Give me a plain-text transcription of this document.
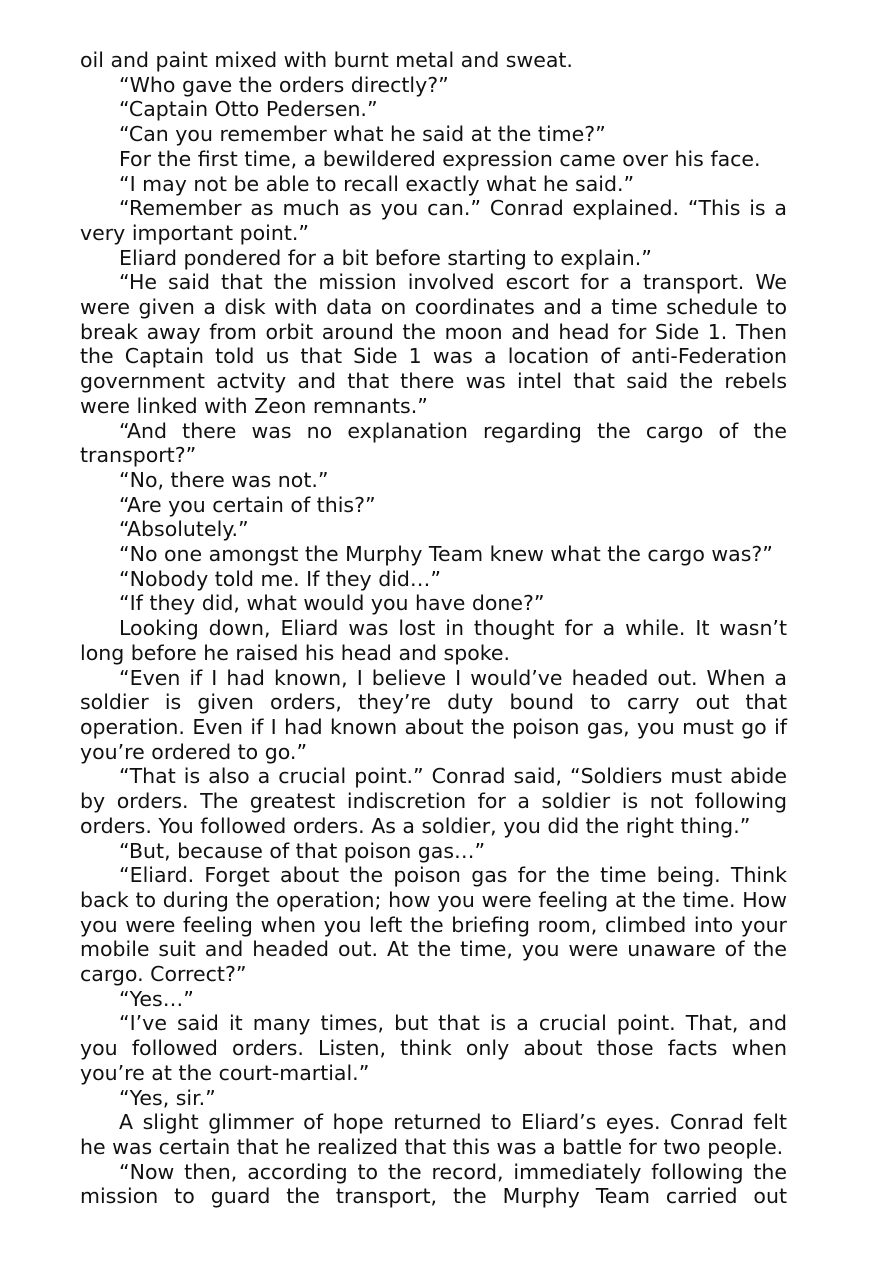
oil and paint mixed with burnt metal and sweat.

“Who gave the orders directly?”

“Captain Otto Pedersen.”

“Can you remember what he said at the time?”

For the first time, a bewildered expression came over his face.

“I may not be able to recall exactly what he said.”

“Remember as much as you can.” Conrad explained. “This is a very important point.”

Eliard pondered for a bit before starting to explain.”

“He said that the mission involved escort for a transport. We were given a disk with data on coordinates and a time schedule to break away from orbit around the moon and head for Side 1. Then the Captain told us that Side 1 was a location of anti-Federation government actvity and that there was intel that said the rebels were linked with Zeon remnants.”

“And there was no explanation regarding the cargo of the transport?”

“No, there was not.”

“Are you certain of this?”

“Absolutely.”

“No one amongst the Murphy Team knew what the cargo was?”

“Nobody told me. If they did…”

“If they did, what would you have done?”

Looking down, Eliard was lost in thought for a while. It wasn’t long before he raised his head and spoke.

“Even if I had known, I believe I would’ve headed out. When a soldier is given orders, they’re duty bound to carry out that operation. Even if I had known about the poison gas, you must go if you’re ordered to go.”

“That is also a crucial point.” Conrad said, “Soldiers must abide by orders. The greatest indiscretion for a soldier is not following orders. You followed orders. As a soldier, you did the right thing.”

“But, because of that poison gas…”

“Eliard. Forget about the poison gas for the time being. Think back to during the operation; how you were feeling at the time. How you were feeling when you left the briefing room, climbed into your mobile suit and headed out. At the time, you were unaware of the cargo. Correct?”

“Yes…”

“I’ve said it many times, but that is a crucial point. That, and you followed orders. Listen, think only about those facts when you’re at the court-martial.”

“Yes, sir.”

A slight glimmer of hope returned to Eliard’s eyes. Conrad felt he was certain that he realized that this was a battle for two people.

“Now then, according to the record, immediately following the mission to guard the transport, the Murphy Team carried out
